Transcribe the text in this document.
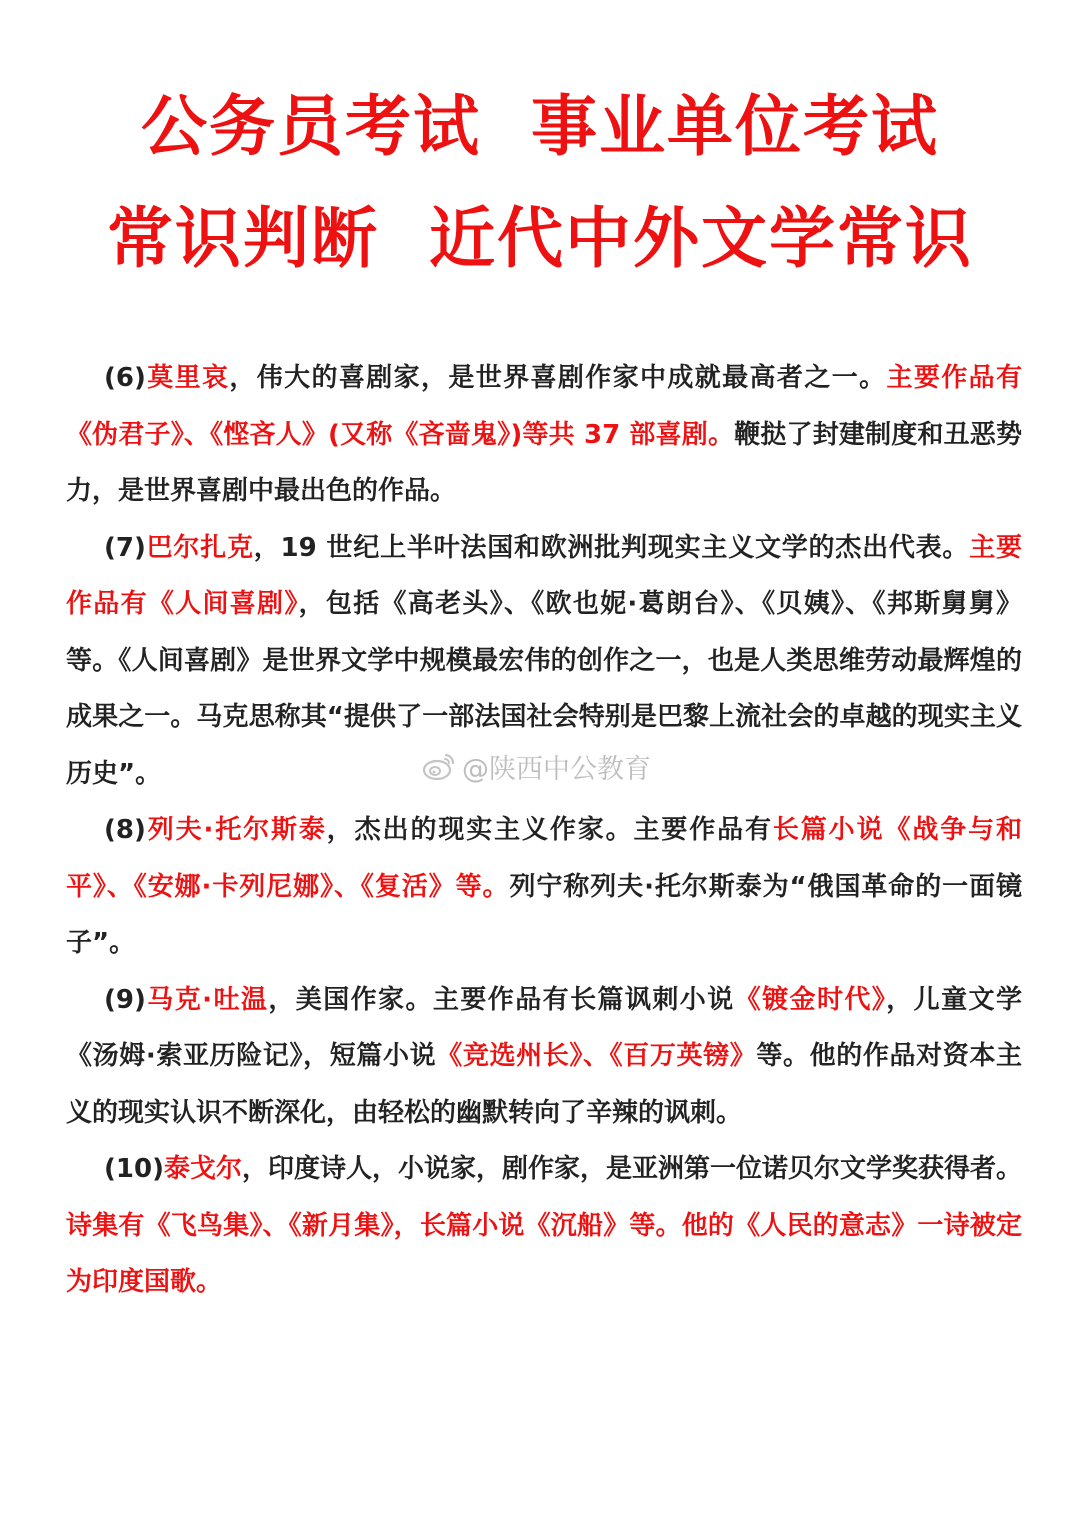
公务员考试  事业单位考试
常识判断  近代中外文学常识

(6)莫里哀，伟大的喜剧家，是世界喜剧作家中成就最高者之一。主要作品有《伪君子》、《悭吝人》(又称《吝啬鬼》)等共 37 部喜剧。鞭挞了封建制度和丑恶势力，是世界喜剧中最出色的作品。

(7)巴尔扎克，19 世纪上半叶法国和欧洲批判现实主义文学的杰出代表。主要作品有《人间喜剧》，包括《高老头》、《欧也妮·葛朗台》、《贝姨》、《邦斯舅舅》等。《人间喜剧》是世界文学中规模最宏伟的创作之一，也是人类思维劳动最辉煌的成果之一。马克思称其“提供了一部法国社会特别是巴黎上流社会的卓越的现实主义历史”。

(8)列夫·托尔斯泰，杰出的现实主义作家。主要作品有长篇小说《战争与和平》、《安娜·卡列尼娜》、《复活》等。列宁称列夫·托尔斯泰为“俄国革命的一面镜子”。

(9)马克·吐温，美国作家。主要作品有长篇讽刺小说《镀金时代》，儿童文学《汤姆·索亚历险记》，短篇小说《竞选州长》、《百万英镑》等。他的作品对资本主义的现实认识不断深化，由轻松的幽默转向了辛辣的讽刺。

(10)泰戈尔，印度诗人，小说家，剧作家，是亚洲第一位诺贝尔文学奖获得者。诗集有《飞鸟集》、《新月集》，长篇小说《沉船》等。他的《人民的意志》一诗被定为印度国歌。

@陕西中公教育
